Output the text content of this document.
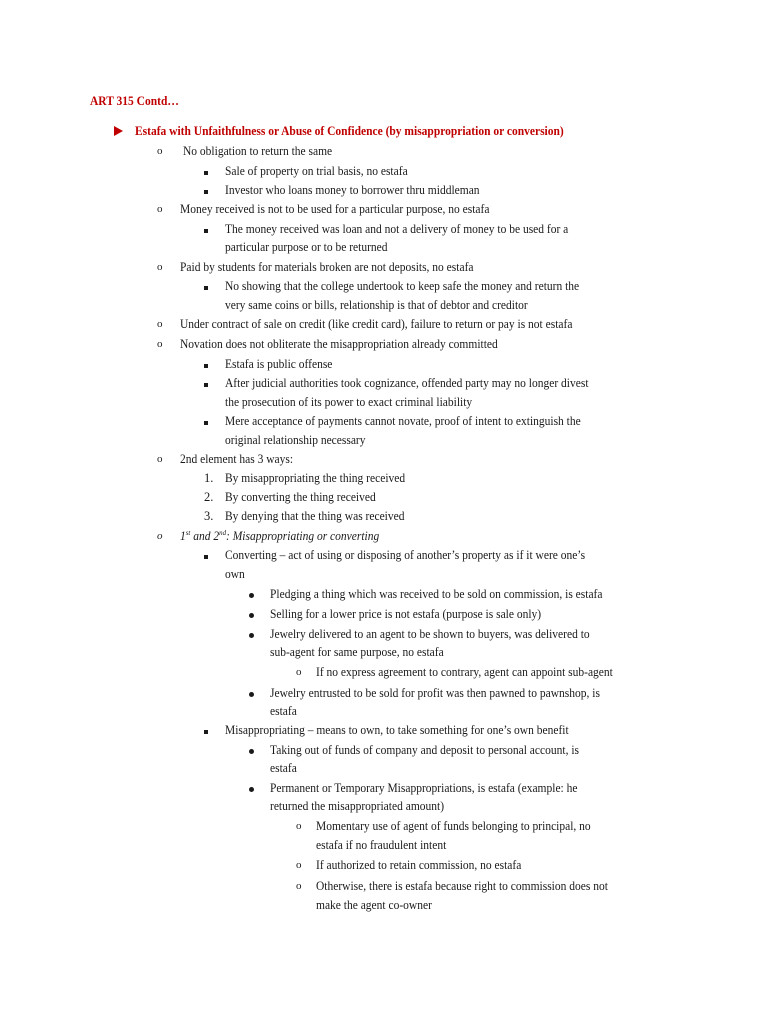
ART 315 Contd…
Estafa with Unfaithfulness or Abuse of Confidence (by misappropriation or conversion)
o No obligation to return the same
Sale of property on trial basis, no estafa
Investor who loans money to borrower thru middleman
o Money received is not to be used for a particular purpose, no estafa
The money received was loan and not a delivery of money to be used for a
particular purpose or to be returned
o Paid by students for materials broken are not deposits, no estafa
No showing that the college undertook to keep safe the money and return the
very same coins or bills, relationship is that of debtor and creditor
o Under contract of sale on credit (like credit card), failure to return or pay is not estafa
o Novation does not obliterate the misappropriation already committed
Estafa is public offense
After judicial authorities took cognizance, offended party may no longer divest
the prosecution of its power to exact criminal liability
Mere acceptance of payments cannot novate, proof of intent to extinguish the
original relationship necessary
o 2nd element has 3 ways:
1. By misappropriating the thing received
2. By converting the thing received
3. By denying that the thing was received
o 1st and 2nd: Misappropriating or converting
Converting – act of using or disposing of another’s property as if it were one’s
own
Pledging a thing which was received to be sold on commission, is estafa
Selling for a lower price is not estafa (purpose is sale only)
Jewelry delivered to an agent to be shown to buyers, was delivered to
sub-agent for same purpose, no estafa
o If no express agreement to contrary, agent can appoint sub-agent
Jewelry entrusted to be sold for profit was then pawned to pawnshop, is
estafa
Misappropriating – means to own, to take something for one’s own benefit
Taking out of funds of company and deposit to personal account, is
estafa
Permanent or Temporary Misappropriations, is estafa (example: he
returned the misappropriated amount)
o Momentary use of agent of funds belonging to principal, no
estafa if no fraudulent intent
o If authorized to retain commission, no estafa
o Otherwise, there is estafa because right to commission does not
make the agent co-owner
